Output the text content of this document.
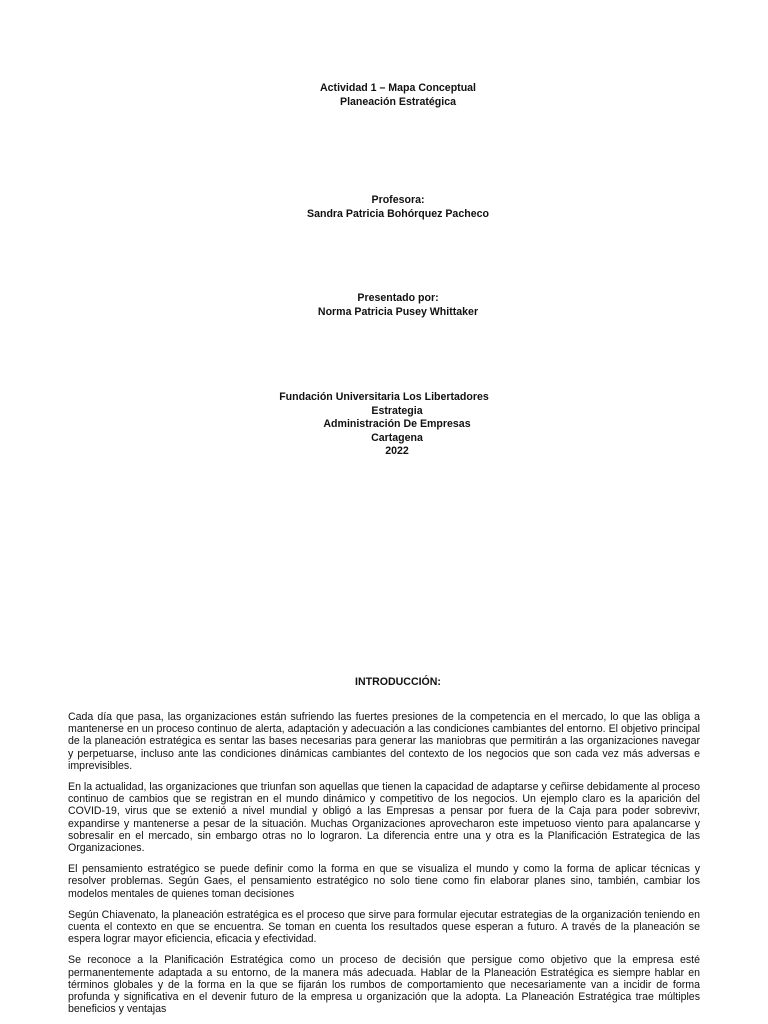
Actividad 1 – Mapa Conceptual
Planeación Estratégica
Profesora:
Sandra Patricia Bohórquez Pacheco
Presentado por:
Norma Patricia Pusey Whittaker
Fundación Universitaria Los Libertadores
Estrategia
Administración De Empresas
Cartagena
2022
INTRODUCCIÓN:

Cada día que pasa, las organizaciones están sufriendo las fuertes presiones de la competencia en el mercado, lo que las obliga a mantenerse en un proceso continuo de alerta, adaptación y adecuación a las condiciones cambiantes del entorno. El objetivo principal de la planeación estratégica es sentar las bases necesarias para generar las maniobras que permitirán a las organizaciones navegar y perpetuarse, incluso ante las condiciones dinámicas cambiantes del contexto de los negocios que son cada vez más adversas e imprevisibles.

En la actualidad, las organizaciones que triunfan son aquellas que tienen la capacidad de adaptarse y ceñirse debidamente al proceso continuo de cambios que se registran en el mundo dinámico y competitivo de los negocios. Un ejemplo claro es la aparición del COVID-19, virus que se extenió a nivel mundial y obligó a las Empresas a pensar por fuera de la Caja para poder sobrevivr, expandirse y mantenerse a pesar de la situación. Muchas Organizaciones aprovecharon este impetuoso viento para apalancarse y sobresalir en el mercado, sin embargo otras no lo lograron. La diferencia entre una y otra es la Planificación Estrategica de las Organizaciones.

El pensamiento estratégico se puede definir como la forma en que se visualiza el mundo y como la forma de aplicar técnicas y resolver problemas. Según Gaes, el pensamiento estratégico no solo tiene como fin elaborar planes sino, también, cambiar los modelos mentales de quienes toman decisiones

Según Chiavenato, la planeación estratégica es el proceso que sirve para formular ejecutar estrategias de la organización teniendo en cuenta el contexto en que se encuentra. Se toman en cuenta los resultados quese esperan a futuro. A través de la planeación se espera lograr mayor eficiencia, eficacia y efectividad.

Se reconoce a la Planificación Estratégica como un proceso de decisión que persigue como objetivo que la empresa esté permanentemente adaptada a su entorno, de la manera más adecuada. Hablar de la Planeación Estratégica es siempre hablar en términos globales y de la forma en la que se fijarán los rumbos de comportamiento que necesariamente van a incidir de forma profunda y significativa en el devenir futuro de la empresa u organización que la adopta. La Planeación Estratégica trae múltiples beneficios y ventajas
